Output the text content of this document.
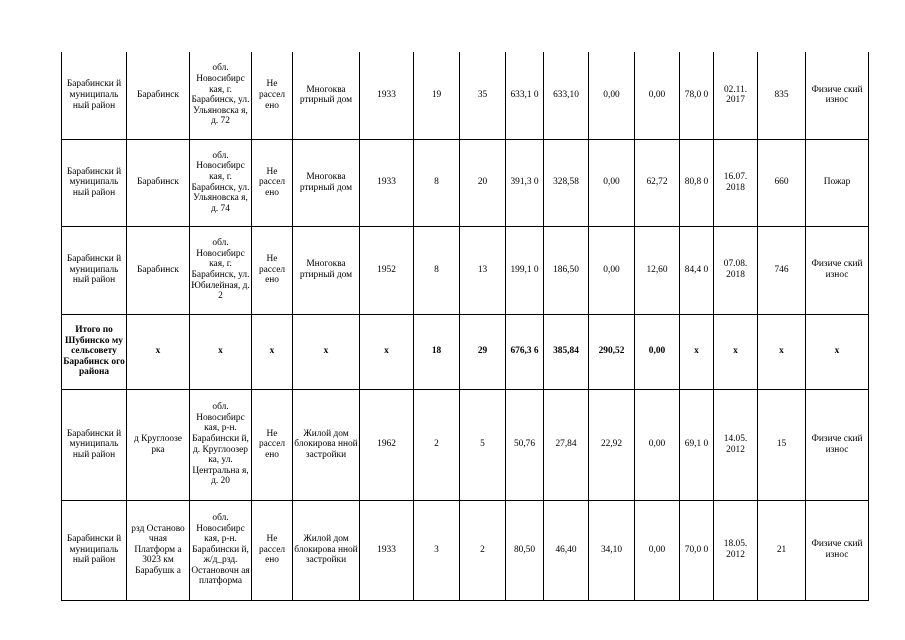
Барабински й муниципаль ный район	Барабинск	обл. Новосибирс кая, г. Барабинск, ул. Ульяновска я, д. 72	Не рассел ено	Многоква ртирный дом	1933	19	35	633,1 0	633,10	0,00	0,00	78,0 0	02.11. 2017	835	Физиче ский износ
Барабински й муниципаль ный район	Барабинск	обл. Новосибирс кая, г. Барабинск, ул. Ульяновска я, д. 74	Не рассел ено	Многоква ртирный дом	1933	8	20	391,3 0	328,58	0,00	62,72	80,8 0	16.07. 2018	660	Пожар
Барабински й муниципаль ный район	Барабинск	обл. Новосибирс кая, г. Барабинск, ул. Юбилейная, д. 2	Не рассел ено	Многоква ртирный дом	1952	8	13	199,1 0	186,50	0,00	12,60	84,4 0	07.08. 2018	746	Физиче ский износ
Итого по Шубинско му сельсовету Барабинск ого района	х	х	х	х	х	18	29	676,3 6	385,84	290,52	0,00	х	х	х	х
Барабински й муниципаль ный район	д Круглоозе рка	обл. Новосибирс кая, р-н. Барабински й, д. Круглоозер ка, ул. Центральна я, д. 20	Не рассел ено	Жилой дом блокирова нной застройки	1962	2	5	50,76	27,84	22,92	0,00	69,1 0	14.05. 2012	15	Физиче ский износ
Барабински й муниципаль ный район	рзд Останово чная Платформ а 3023 км Барабушк а	обл. Новосибирс кая, р-н. Барабински й, ж/д_рзд. Остановочн ая платформа	Не рассел ено	Жилой дом блокирова нной застройки	1933	3	2	80,50	46,40	34,10	0,00	70,0 0	18.05. 2012	21	Физиче ский износ
